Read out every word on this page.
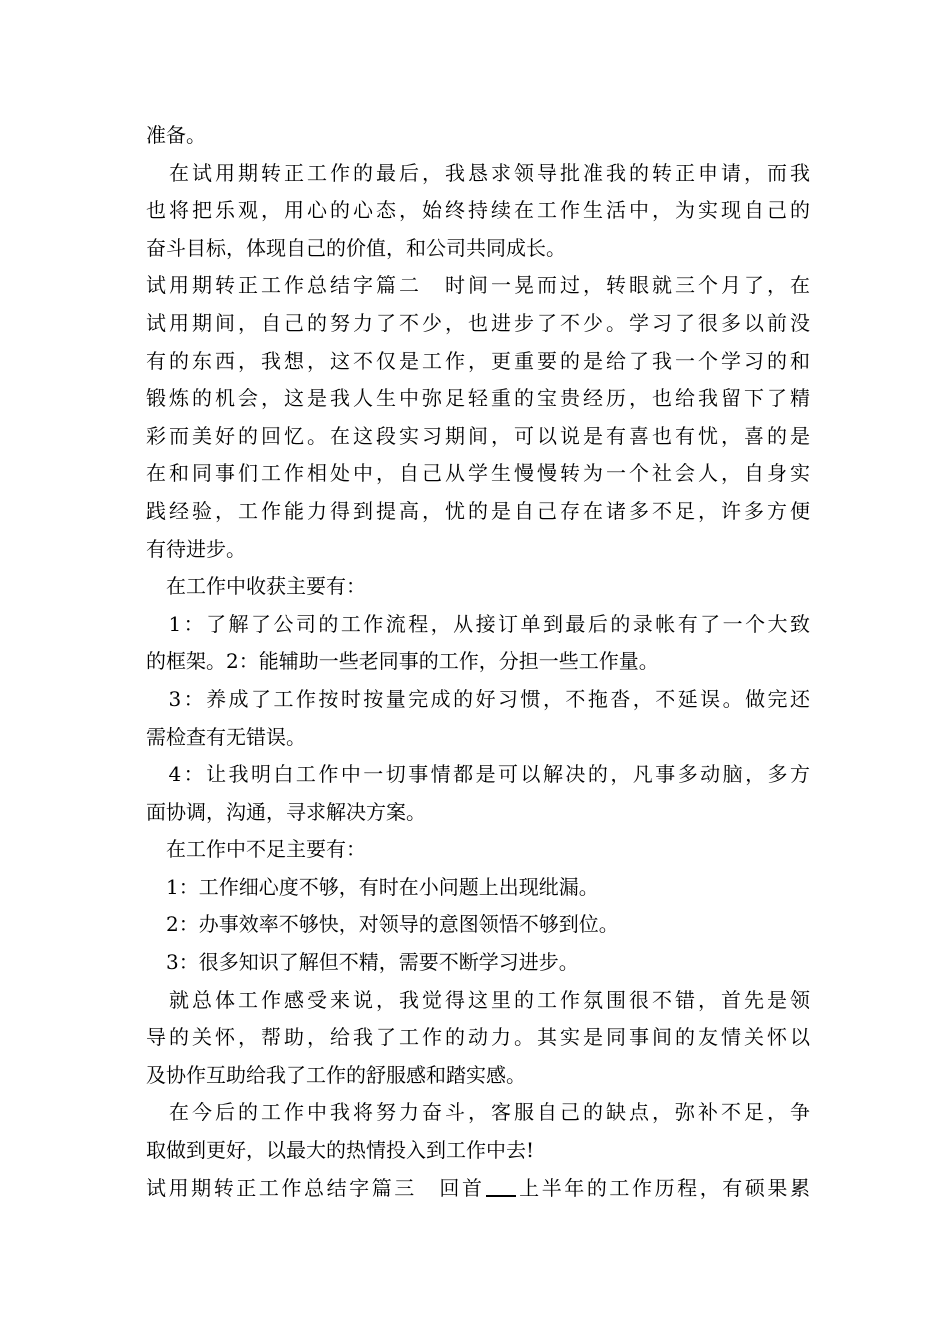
准备。
　在试用期转正工作的最后，我恳求领导批准我的转正申请，而我
也将把乐观，用心的心态，始终持续在工作生活中，为实现自己的
奋斗目标，体现自己的价值，和公司共同成长。
试用期转正工作总结字篇二　时间一晃而过，转眼就三个月了，在
试用期间，自己的努力了不少，也进步了不少。学习了很多以前没
有的东西，我想，这不仅是工作，更重要的是给了我一个学习的和
锻炼的机会，这是我人生中弥足轻重的宝贵经历，也给我留下了精
彩而美好的回忆。在这段实习期间，可以说是有喜也有忧，喜的是
在和同事们工作相处中，自己从学生慢慢转为一个社会人，自身实
践经验，工作能力得到提高，忧的是自己存在诸多不足，许多方便
有待进步。
　在工作中收获主要有：
　1：了解了公司的工作流程，从接订单到最后的录帐有了一个大致
的框架。2：能辅助一些老同事的工作，分担一些工作量。
　3：养成了工作按时按量完成的好习惯，不拖沓，不延误。做完还
需检查有无错误。
　4：让我明白工作中一切事情都是可以解决的，凡事多动脑，多方
面协调，沟通，寻求解决方案。
　在工作中不足主要有：
　1：工作细心度不够，有时在小问题上出现纰漏。
　2：办事效率不够快，对领导的意图领悟不够到位。
　3：很多知识了解但不精，需要不断学习进步。
　就总体工作感受来说，我觉得这里的工作氛围很不错，首先是领
导的关怀，帮助，给我了工作的动力。其实是同事间的友情关怀以
及协作互助给我了工作的舒服感和踏实感。
　在今后的工作中我将努力奋斗，客服自己的缺点，弥补不足，争
取做到更好，以最大的热情投入到工作中去!
试用期转正工作总结字篇三　回首 上半年的工作历程，有硕果累
